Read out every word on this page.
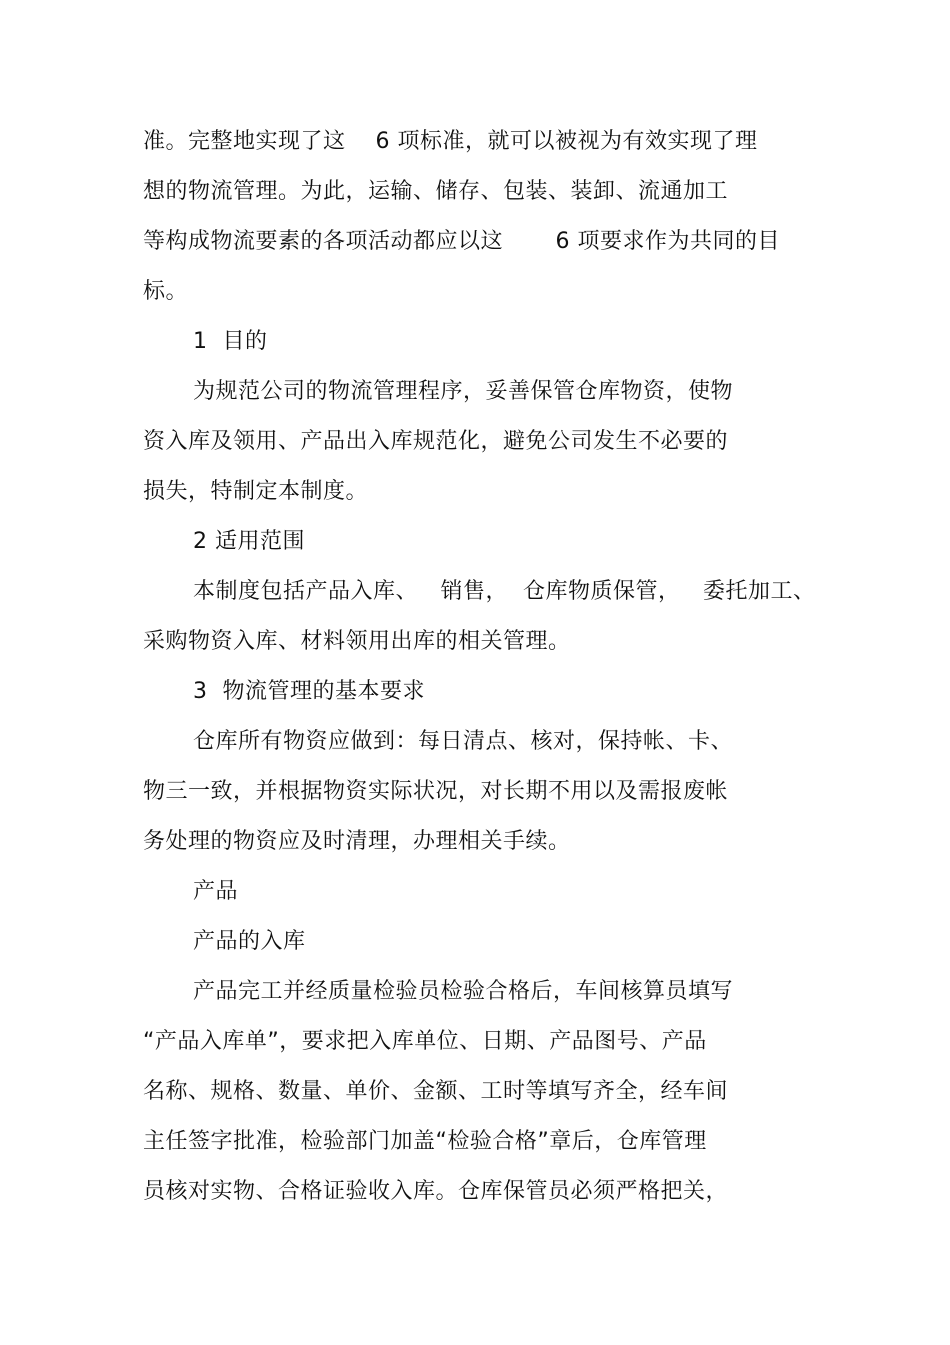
准。完整地实现了这    6 项标准，就可以被视为有效实现了理
想的物流管理。为此，运输、储存、包装、装卸、流通加工
等构成物流要素的各项活动都应以这       6 项要求作为共同的目
标。
1  目的
为规范公司的物流管理程序，妥善保管仓库物资，使物
资入库及领用、产品出入库规范化，避免公司发生不必要的
损失，特制定本制度。
2 适用范围
本制度包括产品入库、   销售，  仓库物质保管，   委托加工、
采购物资入库、材料领用出库的相关管理。
3  物流管理的基本要求
仓库所有物资应做到：每日清点、核对，保持帐、卡、
物三一致，并根据物资实际状况，对长期不用以及需报废帐
务处理的物资应及时清理，办理相关手续。
产品
产品的入库
产品完工并经质量检验员检验合格后，车间核算员填写
“产品入库单”，要求把入库单位、日期、产品图号、产品
名称、规格、数量、单价、金额、工时等填写齐全，经车间
主任签字批准，检验部门加盖“检验合格”章后，仓库管理
员核对实物、合格证验收入库。仓库保管员必须严格把关，
